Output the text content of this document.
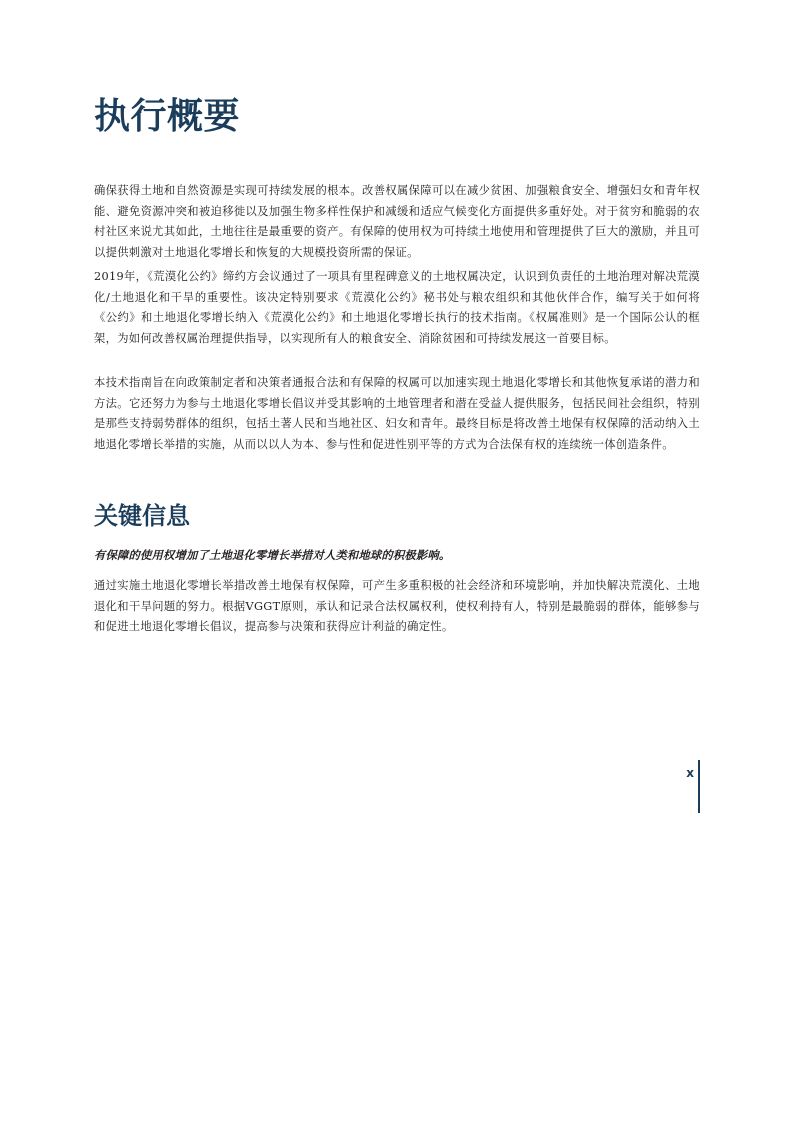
执行概要

确保获得土地和自然资源是实现可持续发展的根本。改善权属保障可以在减少贫困、加强粮食安全、增强妇女和青年权能、避免资源冲突和被迫移徙以及加强生物多样性保护和减缓和适应气候变化方面提供多重好处。对于贫穷和脆弱的农村社区来说尤其如此，土地往往是最重要的资产。有保障的使用权为可持续土地使用和管理提供了巨大的激励，并且可以提供刺激对土地退化零增长和恢复的大规模投资所需的保证。

2019年，《荒漠化公约》缔约方会议通过了一项具有里程碑意义的土地权属决定，认识到负责任的土地治理对解决荒漠化/土地退化和干旱的重要性。该决定特别要求《荒漠化公约》秘书处与粮农组织和其他伙伴合作，编写关于如何将《公约》和土地退化零增长纳入《荒漠化公约》和土地退化零增长执行的技术指南。《权属准则》是一个国际公认的框架，为如何改善权属治理提供指导，以实现所有人的粮食安全、消除贫困和可持续发展这一首要目标。

本技术指南旨在向政策制定者和决策者通报合法和有保障的权属可以加速实现土地退化零增长和其他恢复承诺的潜力和方法。它还努力为参与土地退化零增长倡议并受其影响的土地管理者和潜在受益人提供服务，包括民间社会组织，特别是那些支持弱势群体的组织，包括土著人民和当地社区、妇女和青年。最终目标是将改善土地保有权保障的活动纳入土地退化零增长举措的实施，从而以以人为本、参与性和促进性别平等的方式为合法保有权的连续统一体创造条件。

关键信息

有保障的使用权增加了土地退化零增长举措对人类和地球的积极影响。

通过实施土地退化零增长举措改善土地保有权保障，可产生多重积极的社会经济和环境影响，并加快解决荒漠化、土地退化和干旱问题的努力。根据VGGT原则，承认和记录合法权属权利，使权利持有人，特别是最脆弱的群体，能够参与和促进土地退化零增长倡议，提高参与决策和获得应计利益的确定性。

ⅹ
